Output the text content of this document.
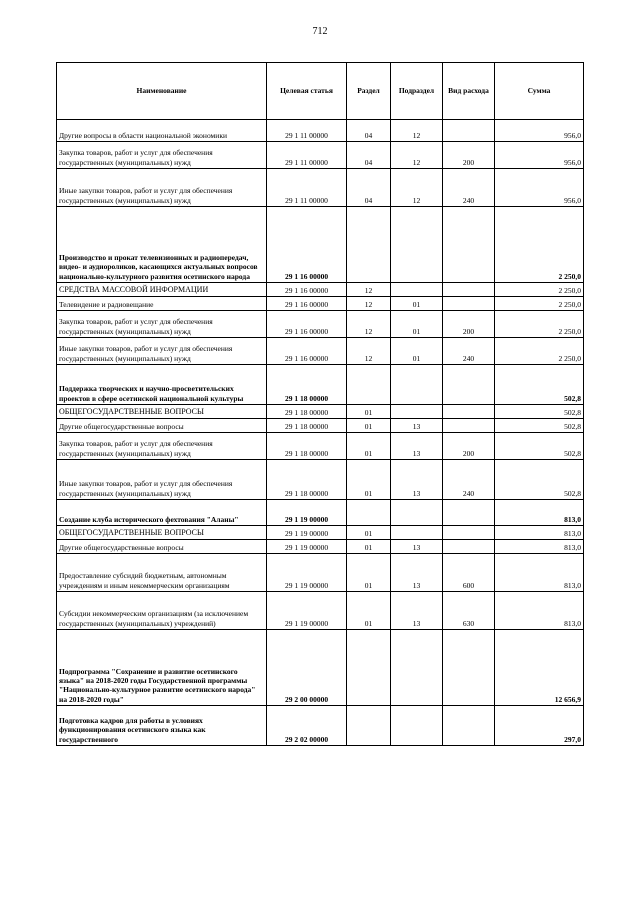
712
Наименование	Целевая статья	Раздел	Подраздел	Вид расхода	Сумма
Другие вопросы в области национальной экономики	29 1 11 00000	04	12		956,0
Закупка товаров, работ и услуг для обеспечения государственных (муниципальных) нужд	29 1 11 00000	04	12	200	956,0
Иные закупки товаров, работ и услуг для обеспечения государственных (муниципальных) нужд	29 1 11 00000	04	12	240	956,0
Производство и прокат телевизионных и радиопередач, видео- и аудиороликов, касающихся актуальных вопросов национально-культурного развития осетинского народа	29 1 16 00000				2 250,0
СРЕДСТВА МАССОВОЙ ИНФОРМАЦИИ	29 1 16 00000	12			2 250,0
Телевидение и радиовещание	29 1 16 00000	12	01		2 250,0
Закупка товаров, работ и услуг для обеспечения государственных (муниципальных) нужд	29 1 16 00000	12	01	200	2 250,0
Иные закупки товаров, работ и услуг для обеспечения государственных (муниципальных) нужд	29 1 16 00000	12	01	240	2 250,0
Поддержка творческих и научно-просветительских проектов в сфере осетинской национальной культуры	29 1 18 00000				502,8
ОБЩЕГОСУДАРСТВЕННЫЕ ВОПРОСЫ	29 1 18 00000	01			502,8
Другие общегосударственные вопросы	29 1 18 00000	01	13		502,8
Закупка товаров, работ и услуг для обеспечения государственных (муниципальных) нужд	29 1 18 00000	01	13	200	502,8
Иные закупки товаров, работ и услуг для обеспечения государственных (муниципальных) нужд	29 1 18 00000	01	13	240	502,8
Создание клуба исторического фехтования "Аланы"	29 1 19 00000				813,0
ОБЩЕГОСУДАРСТВЕННЫЕ ВОПРОСЫ	29 1 19 00000	01			813,0
Другие общегосударственные вопросы	29 1 19 00000	01	13		813,0
Предоставление субсидий бюджетным, автономным учреждениям и иным некоммерческим организациям	29 1 19 00000	01	13	600	813,0
Субсидии некоммерческим организациям (за исключением государственных (муниципальных) учреждений)	29 1 19 00000	01	13	630	813,0
Подпрограмма "Сохранение и развитие осетинского языка" на 2018-2020 годы Государственной программы "Национально-культурное развитие осетинского народа" на 2018-2020 годы"	29 2 00 00000				12 656,9
Подготовка кадров для работы в условиях функционирования осетинского языка как государственного	29 2 02 00000				297,0
